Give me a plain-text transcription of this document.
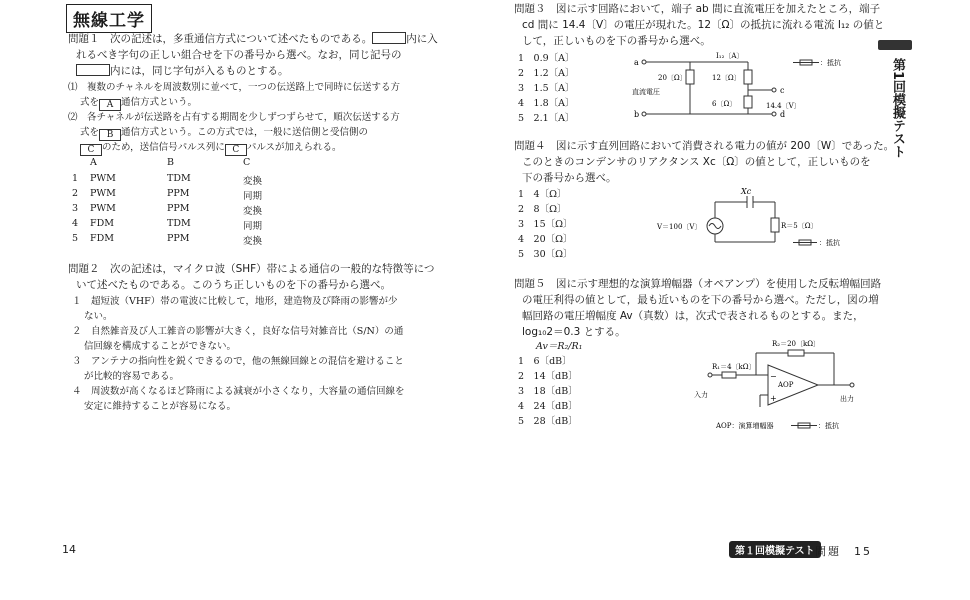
無線工学
問題１　次の記述は，多重通信方式について述べたものである。	内に入
れるべき字句の正しい組合せを下の番号から選べ。なお，同じ記号の
内には，同じ字句が入るものとする。
⑴　複数のチャネルを周波数別に並べて，一つの伝送路上で同時に伝送する方
式を A 通信方式という。
⑵　各チャネルが伝送路を占有する期間を少しずつずらせて，順次伝送する方
式を B 通信方式という。この方式では，一般に送信側と受信側の
C のため，送信信号パルス列に C パルスが加えられる。
A	B	C
1 PWM	TDM	変換
2 PWM	PPM	同期
3 PWM	PPM	変換
4 FDM	TDM	同期
5 FDM	PPM	変換
問題２　次の記述は，マイクロ波（SHF）帯による通信の一般的な特徴等につ
いて述べたものである。このうち正しいものを下の番号から選べ。
１　超短波（VHF）帯の電波に比較して，地形，建造物及び降雨の影響が少
ない。
２　自然雑音及び人工雑音の影響が大きく，良好な信号対雑音比（S/N）の通
信回線を構成することができない。
３　アンテナの指向性を鋭くできるので，他の無線回線との混信を避けること
が比較的容易である。
４　周波数が高くなるほど降雨による減衰が小さくなり，大容量の通信回線を
安定に維持することが容易になる。
14
問題３　図に示す回路において，端子 ab 間に直流電圧を加えたところ，端子
cd 間に 14.4〔V〕の電圧が現れた。12〔Ω〕の抵抗に流れる電流 I₁₂ の値と
して，正しいものを下の番号から選べ。
1　0.9〔A〕
2　1.2〔A〕
3　1.5〔A〕
4　1.8〔A〕
5　2.1〔A〕
a
b
c
d
I₁₂〔A〕
20〔Ω〕	12〔Ω〕
6〔Ω〕
直流電圧
14.4〔V〕
：抵抗
問題４　図に示す直列回路において消費される電力の値が 200〔W〕であった。
このときのコンデンサのリアクタンス Xc〔Ω〕の値として，正しいものを
下の番号から選べ。
1　4〔Ω〕
2　8〔Ω〕
3　15〔Ω〕
4　20〔Ω〕
5　30〔Ω〕
Xc
V＝100〔V〕	R＝5〔Ω〕
：抵抗
問題５　図に示す理想的な演算増幅器（オペアンプ）を使用した反転増幅回路
の電圧利得の値として，最も近いものを下の番号から選べ。ただし，図の増
幅回路の電圧増幅度 Av（真数）は，次式で表されるものとする。また，
log₁₀2＝0.3 とする。
Av＝R₂/R₁
1　6〔dB〕
2　14〔dB〕
3　18〔dB〕
4　24〔dB〕
5　28〔dB〕
R₁＝4〔kΩ〕
R₂＝20〔kΩ〕
AOP
−
+
入力	出力
AOP：演算増幅器	：抵抗
第1回模擬テスト
第１回模擬テスト 問題　 15
